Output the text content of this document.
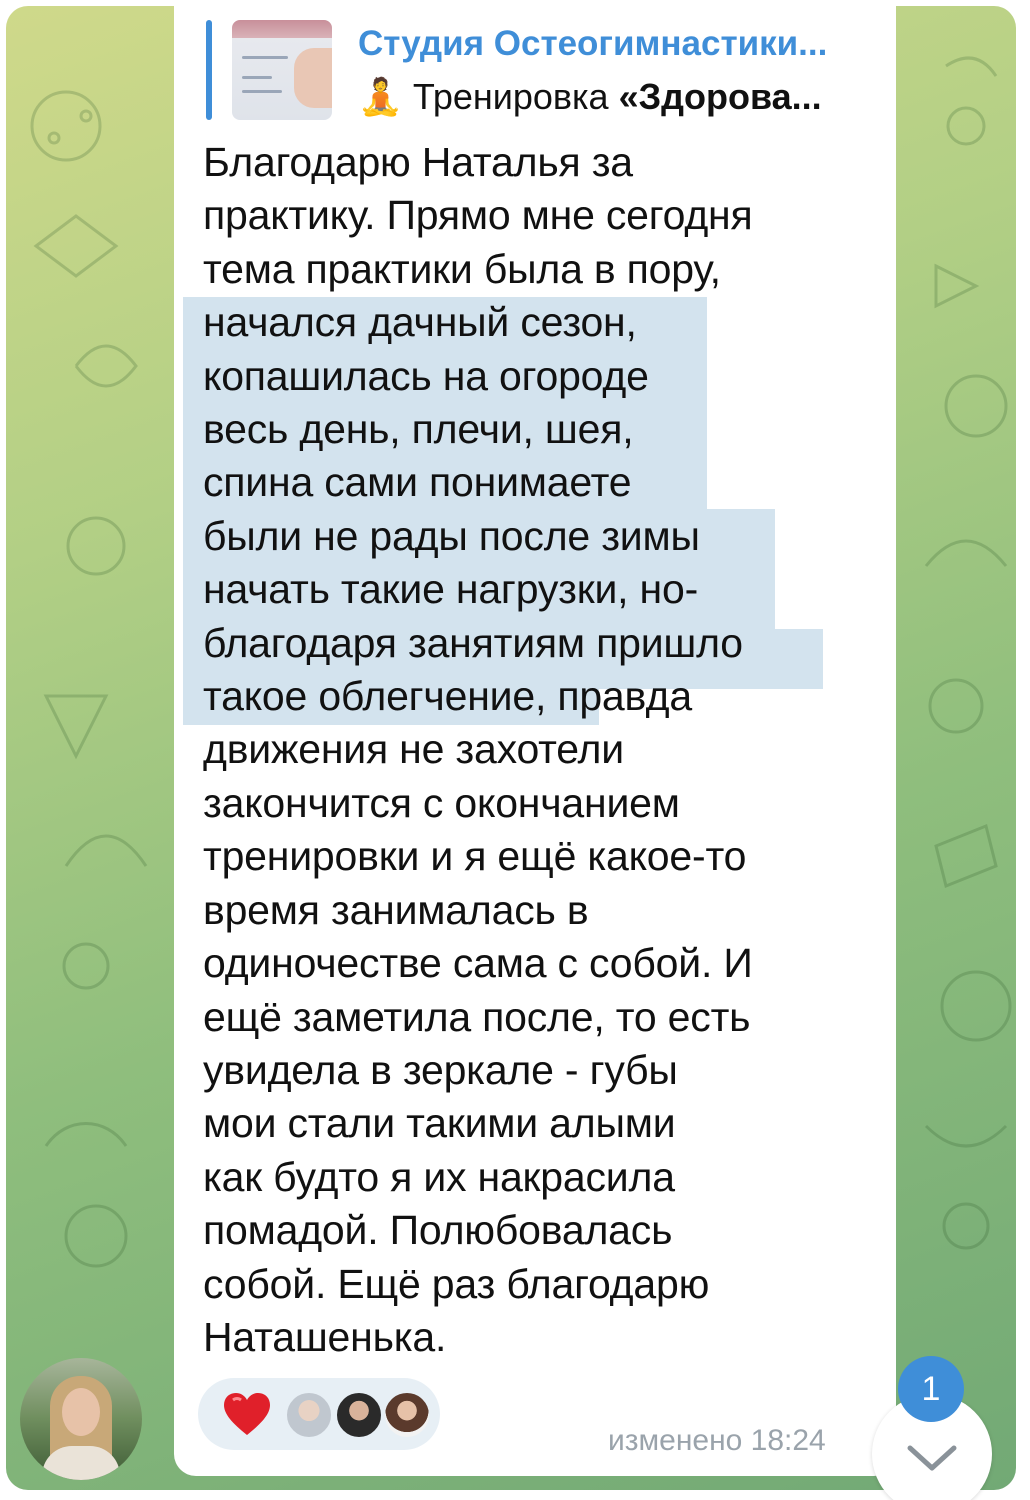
Студия Остеогимнастики...
🧘 Тренировка «Здорова...
Благодарю Наталья за
практику. Прямо мне сегодня
тема практики была в пору,
начался дачный сезон,
копашилась на огороде
весь день, плечи, шея,
спина сами понимаете
были не рады после зимы
начать такие нагрузки, но-
благодаря занятиям пришло
такое облегчение, правда
движения не захотели
закончится с окончанием
тренировки и я ещё какое-то
время занималась в
одиночестве сама с собой. И
ещё заметила после, то есть
увидела в зеркале - губы
мои стали такими алыми
как будто я их накрасила
помадой. Полюбовалась
собой. Ещё раз благодарю
Наташенька.
изменено 18:24
1
